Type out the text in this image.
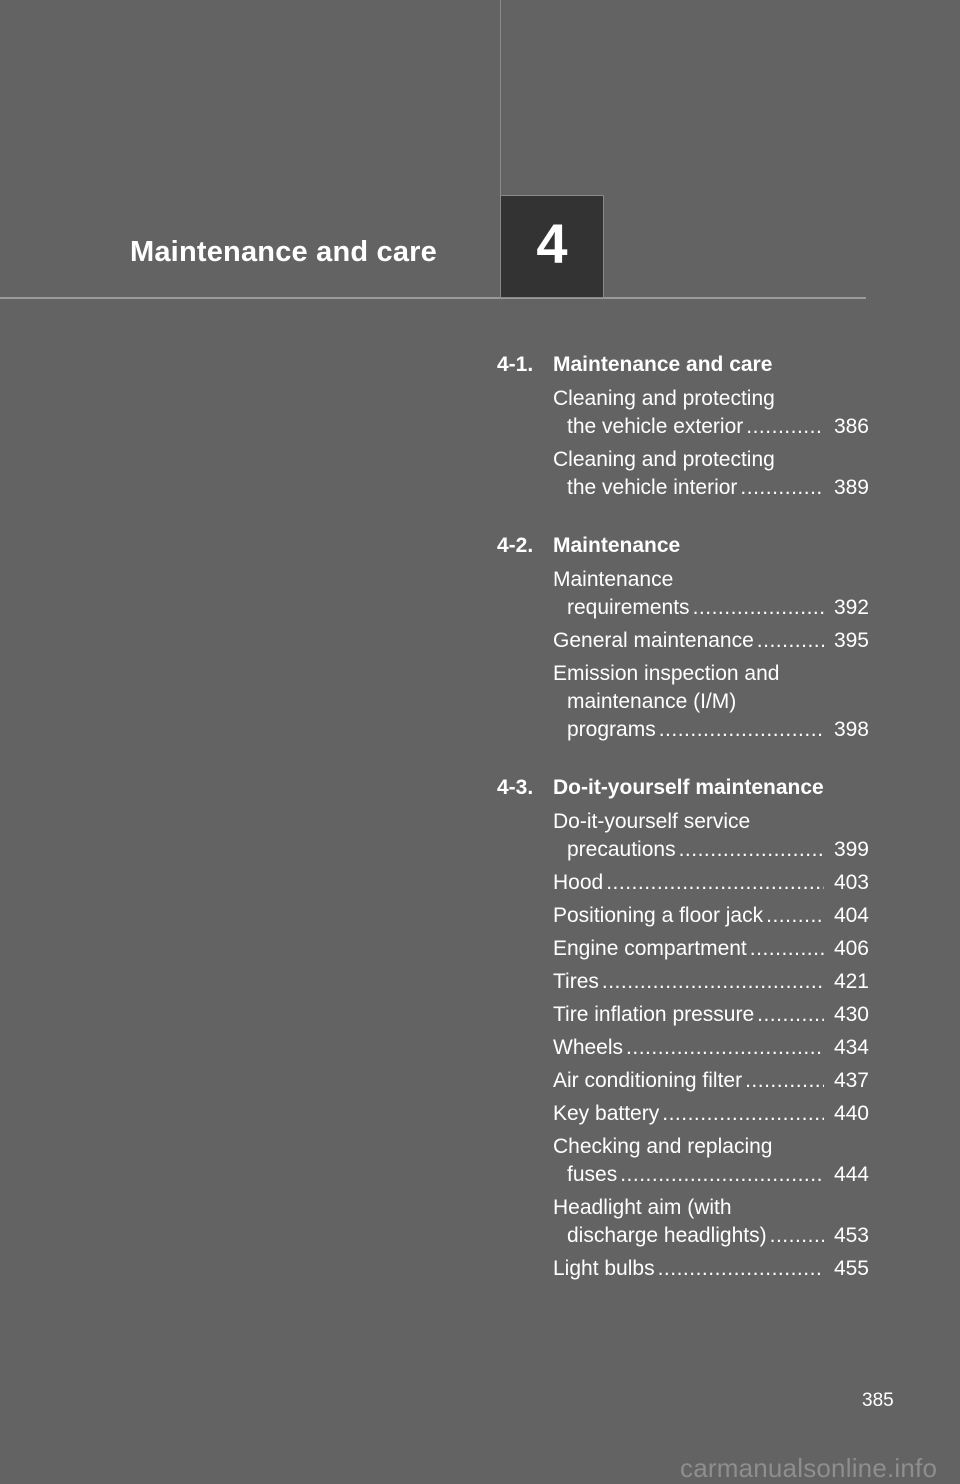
Maintenance and care 4
4-1. Maintenance and care
Cleaning and protecting
the vehicle exterior .....	386
Cleaning and protecting
the vehicle interior .....	389
4-2. Maintenance
Maintenance
requirements .....	392
General maintenance .....	395
Emission inspection and
maintenance (I/M)
programs .....	398
4-3. Do-it-yourself maintenance
Do-it-yourself service
precautions .....	399
Hood .....	403
Positioning a floor jack .....	404
Engine compartment .....	406
Tires .....	421
Tire inflation pressure .....	430
Wheels .....	434
Air conditioning filter .....	437
Key battery .....	440
Checking and replacing
fuses .....	444
Headlight aim (with
discharge headlights) .....	453
Light bulbs .....	455
385
carmanualsonline.info
